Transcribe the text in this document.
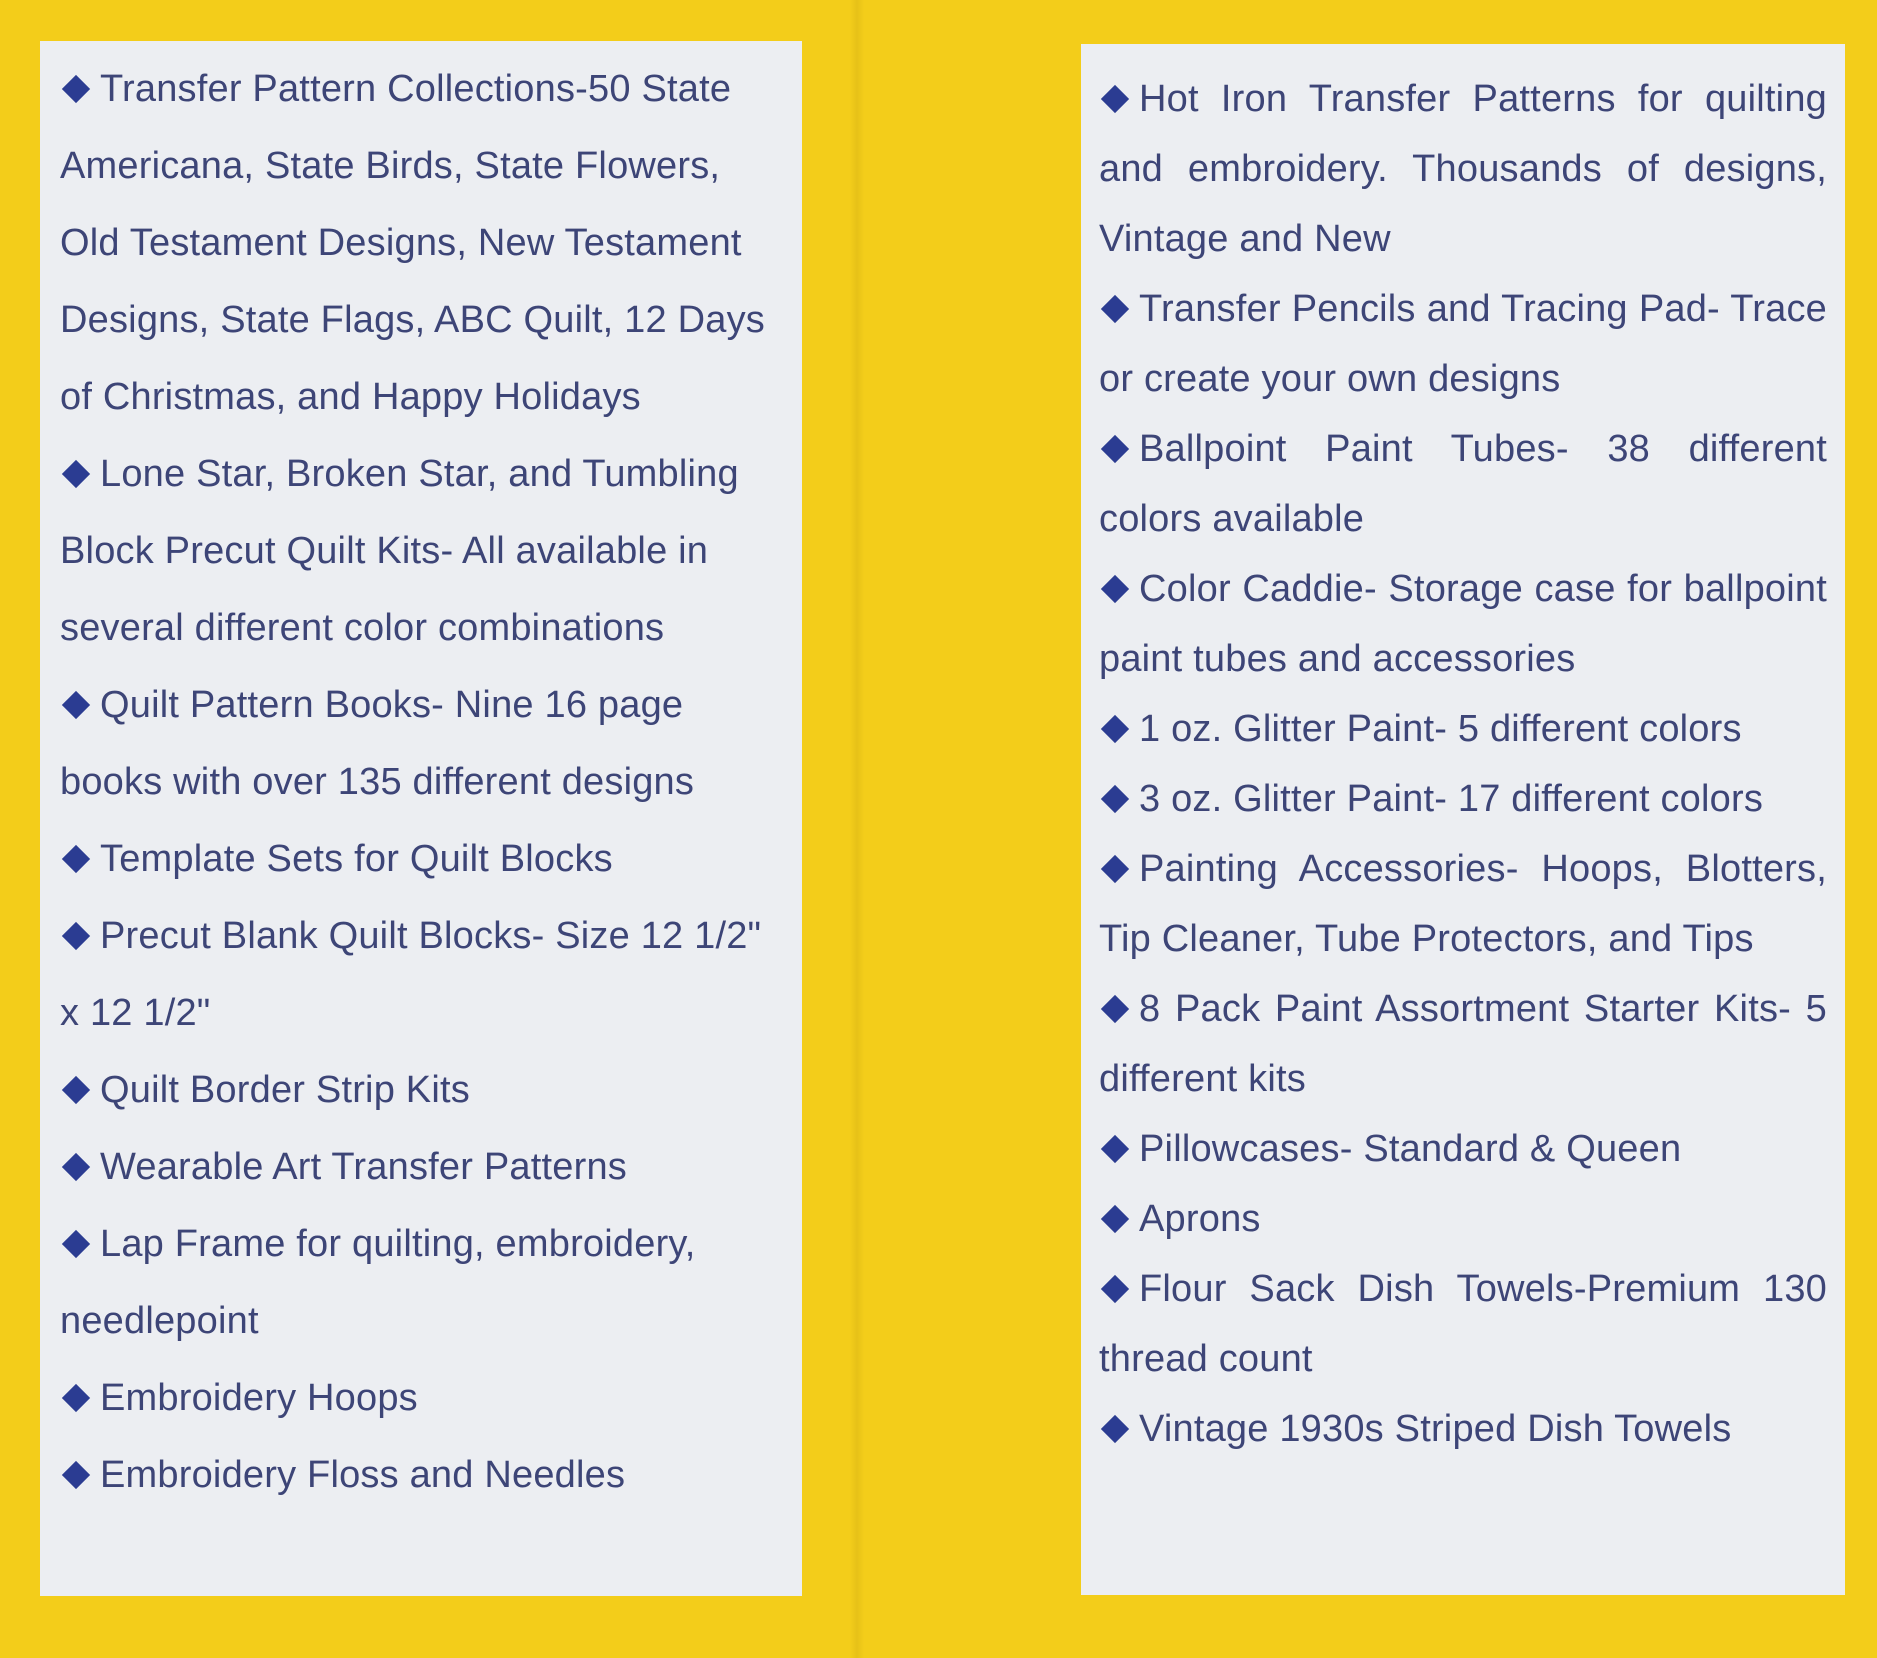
Transfer Pattern Collections-50 State Americana, State Birds, State Flowers, Old Testament Designs, New Testament Designs, State Flags, ABC Quilt, 12 Days of Christmas, and Happy Holidays

Lone Star, Broken Star, and Tumbling Block Precut Quilt Kits- All available in several different color combinations

Quilt Pattern Books- Nine 16 page books with over 135 different designs

Template Sets for Quilt Blocks

Precut Blank Quilt Blocks- Size 12 1/2" x 12 1/2"

Quilt Border Strip Kits

Wearable Art Transfer Patterns

Lap Frame for quilting, embroidery, needlepoint

Embroidery Hoops

Embroidery Floss and Needles

Hot Iron Transfer Patterns for quilting and embroidery. Thousands of designs, Vintage and New

Transfer Pencils and Tracing Pad- Trace or create your own designs

Ballpoint Paint Tubes- 38 different colors available

Color Caddie- Storage case for ballpoint paint tubes and accessories

1 oz. Glitter Paint- 5 different colors

3 oz. Glitter Paint- 17 different colors

Painting Accessories- Hoops, Blotters, Tip Cleaner, Tube Protectors, and Tips

8 Pack Paint Assortment Starter Kits- 5 different kits

Pillowcases- Standard & Queen

Aprons

Flour Sack Dish Towels-Premium 130 thread count

Vintage 1930s Striped Dish Towels
